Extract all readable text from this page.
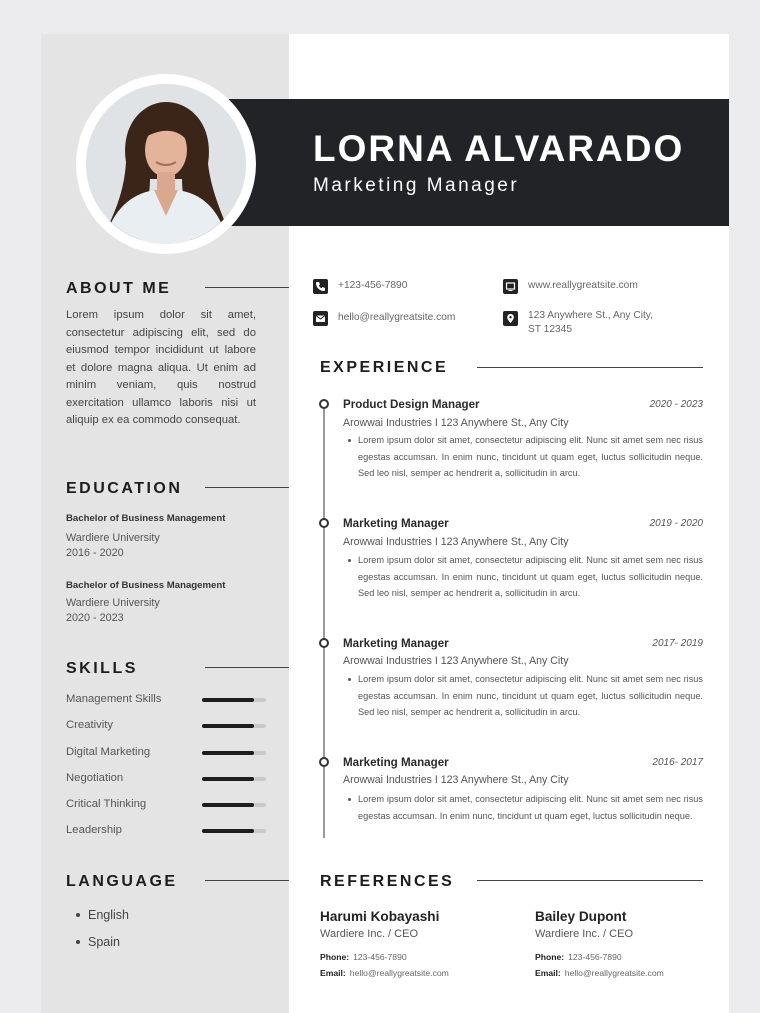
LORNA ALVARADO
Marketing Manager
ABOUT ME
Lorem ipsum dolor sit amet, consectetur adipiscing elit, sed do eiusmod tempor incididunt ut labore et dolore magna aliqua. Ut enim ad minim veniam, quis nostrud exercitation ullamco laboris nisi ut aliquip ex ea commodo consequat.
EDUCATION
Bachelor of Business Management
Wardiere University
2016 - 2020
Bachelor of Business Management
Wardiere University
2020 - 2023
SKILLS
Management Skills
Creativity
Digital Marketing
Negotiation
Critical Thinking
Leadership
LANGUAGE
English
Spain
+123-456-7890
hello@reallygreatsite.com
www.reallygreatsite.com
123 Anywhere St., Any City,
ST 12345
EXPERIENCE
Product Design Manager	2020 - 2023
Arowwai Industries I 123 Anywhere St., Any City
Lorem ipsum dolor sit amet, consectetur adipiscing elit. Nunc sit amet sem nec risus egestas accumsan. In enim nunc, tincidunt ut quam eget, luctus sollicitudin neque. Sed leo nisl, semper ac hendrerit a, sollicitudin in arcu.
Marketing Manager	2019 - 2020
Arowwai Industries I 123 Anywhere St., Any City
Lorem ipsum dolor sit amet, consectetur adipiscing elit. Nunc sit amet sem nec risus egestas accumsan. In enim nunc, tincidunt ut quam eget, luctus sollicitudin neque. Sed leo nisl, semper ac hendrerit a, sollicitudin in arcu.
Marketing Manager	2017- 2019
Arowwai Industries I 123 Anywhere St., Any City
Lorem ipsum dolor sit amet, consectetur adipiscing elit. Nunc sit amet sem nec risus egestas accumsan. In enim nunc, tincidunt ut quam eget, luctus sollicitudin neque. Sed leo nisl, semper ac hendrerit a, sollicitudin in arcu.
Marketing Manager	2016- 2017
Arowwai Industries I 123 Anywhere St., Any City
Lorem ipsum dolor sit amet, consectetur adipiscing elit. Nunc sit amet sem nec risus egestas accumsan. In enim nunc, tincidunt ut quam eget, luctus sollicitudin neque.
REFERENCES
Harumi Kobayashi
Wardiere Inc. / CEO
Phone: 123-456-7890
Email: hello@reallygreatsite.com
Bailey Dupont
Wardiere Inc. / CEO
Phone: 123-456-7890
Email: hello@reallygreatsite.com
